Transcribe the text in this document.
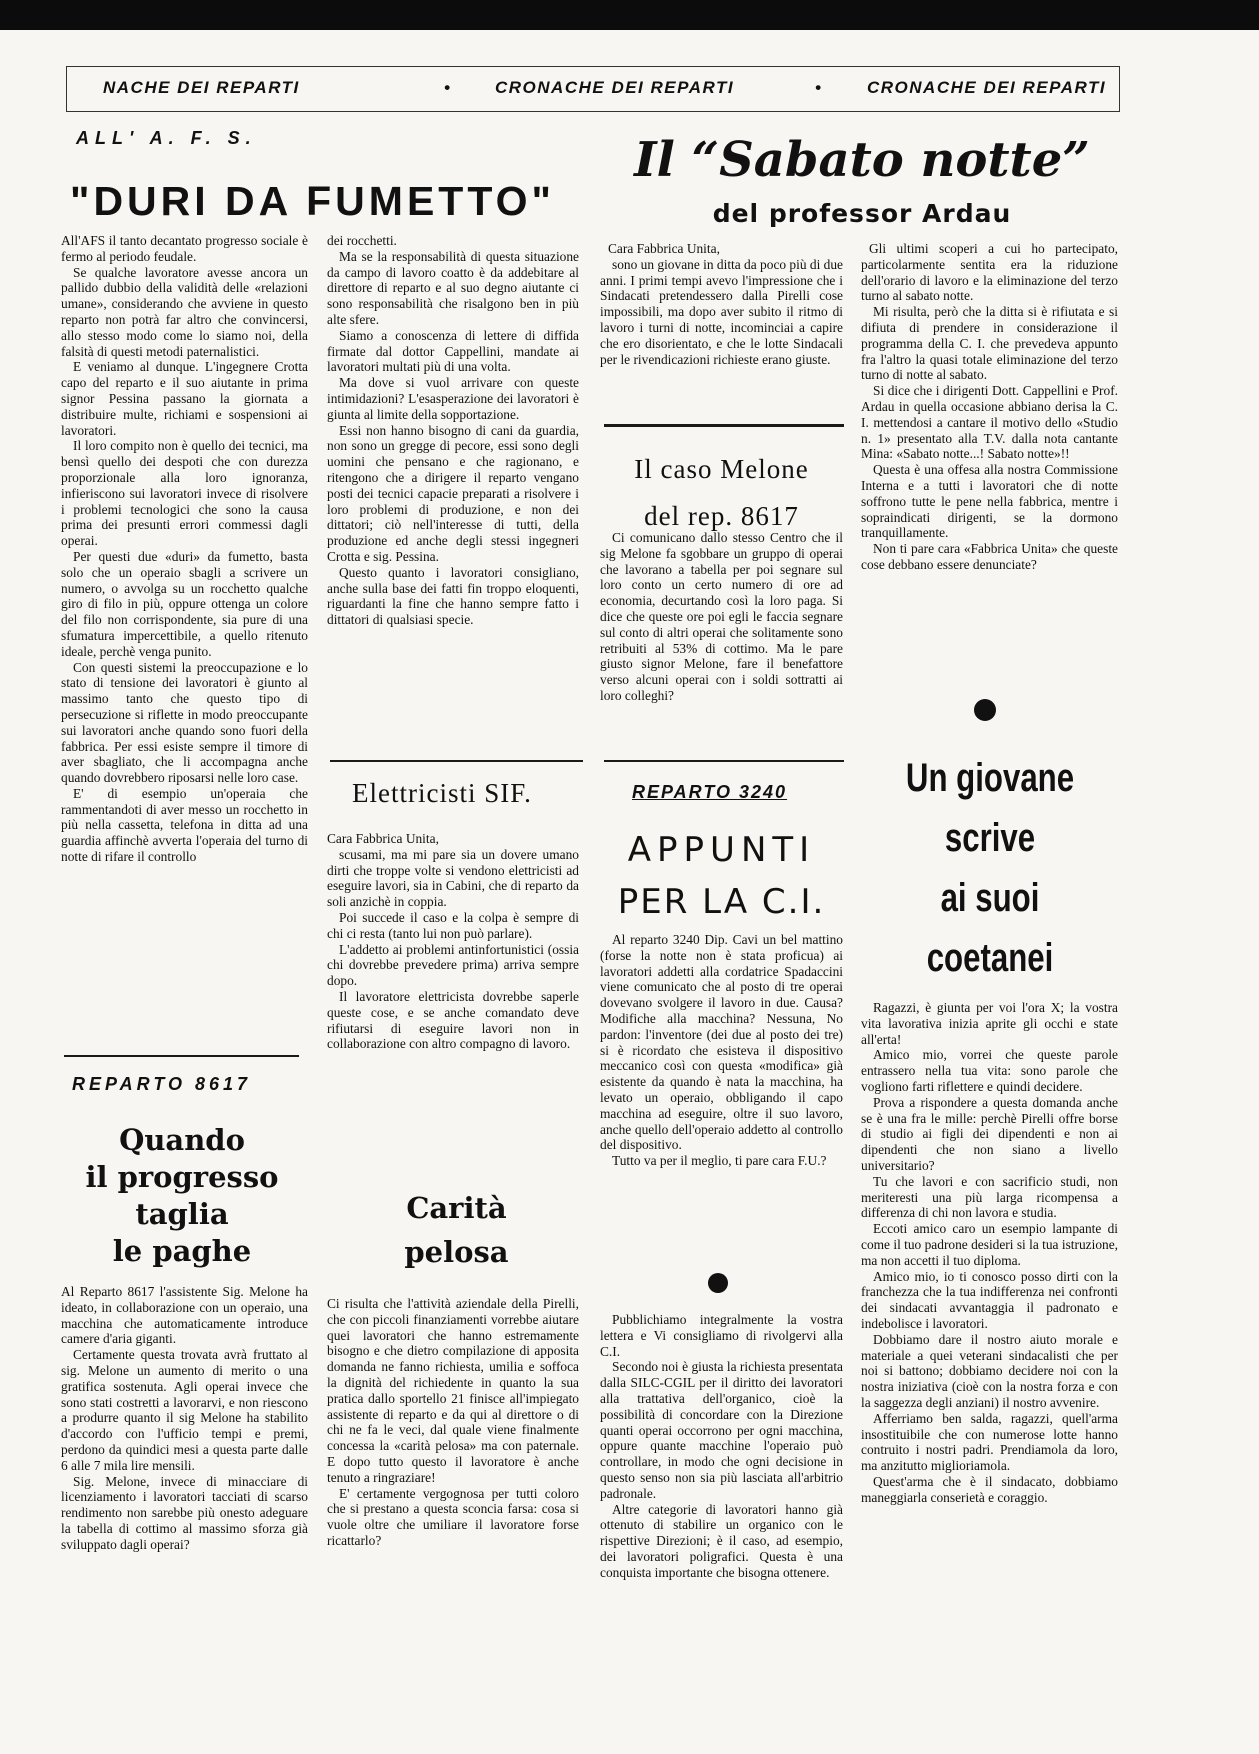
NACHE DEI REPARTI	•	CRONACHE DEI REPARTI	•	CRONACHE DEI REPARTI
ALL' A. F. S.
"DURI DA FUMETTO"

All'AFS il tanto decantato progresso sociale è fermo al periodo feudale.

Se qualche lavoratore avesse ancora un pallido dubbio della validità delle «relazioni umane», considerando che avviene in questo reparto non potrà far altro che convincersi, allo stesso modo come lo siamo noi, della falsità di questi metodi paternalistici.

E veniamo al dunque. L'ingegnere Crotta capo del reparto e il suo aiutante in prima signor Pessina passano la giornata a distribuire multe, richiami e sospensioni ai lavoratori.

Il loro compito non è quello dei tecnici, ma bensì quello dei despoti che con durezza proporzionale alla loro ignoranza, infieriscono sui lavoratori invece di risolvere i problemi tecnologici che sono la causa prima dei presunti errori commessi dagli operai.

Per questi due «duri» da fumetto, basta solo che un operaio sbagli a scrivere un numero, o avvolga su un rocchetto qualche giro di filo in più, oppure ottenga un colore del filo non corrispondente, sia pure di una sfumatura impercettibile, a quello ritenuto ideale, perchè venga punito.

Con questi sistemi la preoccupazione e lo stato di tensione dei lavoratori è giunto al massimo tanto che questo tipo di persecuzione si riflette in modo preoccupante sui lavoratori anche quando sono fuori della fabbrica. Per essi esiste sempre il timore di aver sbagliato, che li accompagna anche quando dovrebbero riposarsi nelle loro case.

E' di esempio un'operaia che rammentandoti di aver messo un rocchetto in più nella cassetta, telefona in ditta ad una guardia affinchè avverta l'operaia del turno di notte di rifare il controllo

dei rocchetti.

Ma se la responsabilità di questa situazione da campo di lavoro coatto è da addebitare al direttore di reparto e al suo degno aiutante ci sono responsabilità che risalgono ben in più alte sfere.

Siamo a conoscenza di lettere di diffida firmate dal dottor Cappellini, mandate ai lavoratori multati più di una volta.

Ma dove si vuol arrivare con queste intimidazioni? L'esasperazione dei lavoratori è giunta al limite della sopportazione.

Essi non hanno bisogno di cani da guardia, non sono un gregge di pecore, essi sono degli uomini che pensano e che ragionano, e ritengono che a dirigere il reparto vengano posti dei tecnici capacie preparati a risolvere i loro problemi di produzione, e non dei dittatori; ciò nell'interesse di tutti, della produzione ed anche degli stessi ingegneri Crotta e sig. Pessina.

Questo quanto i lavoratori consigliano, anche sulla base dei fatti fin troppo eloquenti, riguardanti la fine che hanno sempre fatto i dittatori di qualsiasi specie.

REPARTO 8617
Quando
il progresso
taglia
le paghe

Al Reparto 8617 l'assistente Sig. Melone ha ideato, in collaborazione con un operaio, una macchina che automaticamente introduce camere d'aria giganti.

Certamente questa trovata avrà fruttato al sig. Melone un aumento di merito o una gratifica sostenuta. Agli operai invece che sono stati costretti a lavorarvi, e non riescono a produrre quanto il sig Melone ha stabilito d'accordo con l'ufficio tempi e premi, perdono da quindici mesi a questa parte dalle 6 alle 7 mila lire mensili.

Sig. Melone, invece di minacciare di licenziamento i lavoratori tacciati di scarso rendimento non sarebbe più onesto adeguare la tabella di cottimo al massimo sforza già sviluppato dagli operai?

Elettricisti SIF.

Cara Fabbrica Unita,

scusami, ma mi pare sia un dovere umano dirti che troppe volte si vendono elettricisti ad eseguire lavori, sia in Cabini, che di reparto da soli anzichè in coppia.

Poi succede il caso e la colpa è sempre di chi ci resta (tanto lui non può parlare).

L'addetto ai problemi antinfortunistici (ossia chi dovrebbe prevedere prima) arriva sempre dopo.

Il lavoratore elettricista dovrebbe saperle queste cose, e se anche comandato deve rifiutarsi di eseguire lavori non in collaborazione con altro compagno di lavoro.

Carità
pelosa

Ci risulta che l'attività aziendale della Pirelli, che con piccoli finanziamenti vorrebbe aiutare quei lavoratori che hanno estremamente bisogno e che dietro compilazione di apposita domanda ne fanno richiesta, umilia e soffoca la dignità del richiedente in quanto la sua pratica dallo sportello 21 finisce all'impiegato assistente di reparto e da qui al direttore o di chi ne fa le veci, dal quale viene finalmente concessa la «carità pelosa» ma con paternale. E dopo tutto questo il lavoratore è anche tenuto a ringraziare!

E' certamente vergognosa per tutti coloro che si prestano a questa sconcia farsa: cosa si vuole oltre che umiliare il lavoratore forse ricattarlo?

Il “Sabato notte”
del professor Ardau

Cara Fabbrica Unita,

sono un giovane in ditta da poco più di due anni. I primi tempi avevo l'impressione che i Sindacati pretendessero dalla Pirelli cose impossibili, ma dopo aver subito il ritmo di lavoro i turni di notte, incominciai a capire che ero disorientato, e che le lotte Sindacali per le rivendicazioni richieste erano giuste.

Gli ultimi scoperi a cui ho partecipato, particolarmente sentita era la riduzione dell'orario di lavoro e la eliminazione del terzo turno al sabato notte.

Mi risulta, però che la ditta si è rifiutata e si difiuta di prendere in considerazione il programma della C. I. che prevedeva appunto fra l'altro la quasi totale eliminazione del terzo turno di notte al sabato.

Si dice che i dirigenti Dott. Cappellini e Prof. Ardau in quella occasione abbiano derisa la C. I. mettendosi a cantare il motivo dello «Studio n. 1» presentato alla T.V. dalla nota cantante Mina: «Sabato notte...! Sabato notte»!!

Questa è una offesa alla nostra Commissione Interna e a tutti i lavoratori che di notte soffrono tutte le pene nella fabbrica, mentre i sopraindicati dirigenti, se la dormono tranquillamente.

Non ti pare cara «Fabbrica Unita» che queste cose debbano essere denunciate?

Il caso Melone
del rep. 8617

Ci comunicano dallo stesso Centro che il sig Melone fa sgobbare un gruppo di operai che lavorano a tabella per poi segnare sul loro conto un certo numero di ore ad economia, decurtando così la loro paga. Si dice che queste ore poi egli le faccia segnare sul conto di altri operai che solitamente sono retribuiti al 53% di cottimo. Ma le pare giusto signor Melone, fare il benefattore verso alcuni operai con i soldi sottratti ai loro colleghi?

REPARTO 3240
APPUNTI
PER LA C.I.

Al reparto 3240 Dip. Cavi un bel mattino (forse la notte non è stata proficua) ai lavoratori addetti alla cordatrice Spadaccini viene comunicato che al posto di tre operai dovevano svolgere il lavoro in due. Causa? Modifiche alla macchina? Nessuna, No pardon: l'inventore (dei due al posto dei tre) si è ricordato che esisteva il dispositivo meccanico così con questa «modifica» già esistente da quando è nata la macchina, ha levato un operaio, obbligando il capo macchina ad eseguire, oltre il suo lavoro, anche quello dell'operaio addetto al controllo del dispositivo.

Tutto va per il meglio, ti pare cara F.U.?

Pubblichiamo integralmente la vostra lettera e Vi consigliamo di rivolgervi alla C.I.

Secondo noi è giusta la richiesta presentata dalla SILC-CGIL per il diritto dei lavoratori alla trattativa dell'organico, cioè la possibilità di concordare con la Direzione quanti operai occorrono per ogni macchina, oppure quante macchine l'operaio può controllare, in modo che ogni decisione in questo senso non sia più lasciata all'arbitrio padronale.

Altre categorie di lavoratori hanno già ottenuto di stabilire un organico con le rispettive Direzioni; è il caso, ad esempio, dei lavoratori poligrafici. Questa è una conquista importante che bisogna ottenere.

Un giovane
scrive
ai suoi
coetanei

Ragazzi, è giunta per voi l'ora X; la vostra vita lavorativa inizia aprite gli occhi e state all'erta!

Amico mio, vorrei che queste parole entrassero nella tua vita: sono parole che vogliono farti riflettere e quindi decidere.

Prova a rispondere a questa domanda anche se è una fra le mille: perchè Pirelli offre borse di studio ai figli dei dipendenti e non ai dipendenti che non siano a livello universitario?

Tu che lavori e con sacrificio studi, non meriteresti una più larga ricompensa a differenza di chi non lavora e studia.

Eccoti amico caro un esempio lampante di come il tuo padrone desideri si la tua istruzione, ma non accetti il tuo diploma.

Amico mio, io ti conosco posso dirti con la franchezza che la tua indifferenza nei confronti dei sindacati avvantaggia il padronato e indebolisce i lavoratori.

Dobbiamo dare il nostro aiuto morale e materiale a quei veterani sindacalisti che per noi si battono; dobbiamo decidere noi con la nostra iniziativa (cioè con la nostra forza e con la saggezza degli anziani) il nostro avvenire.

Afferriamo ben salda, ragazzi, quell'arma insostituibile che con numerose lotte hanno contruito i nostri padri. Prendiamola da loro, ma anzitutto miglioriamola.

Quest'arma che è il sindacato, dobbiamo maneggiarla conserietà e coraggio.
